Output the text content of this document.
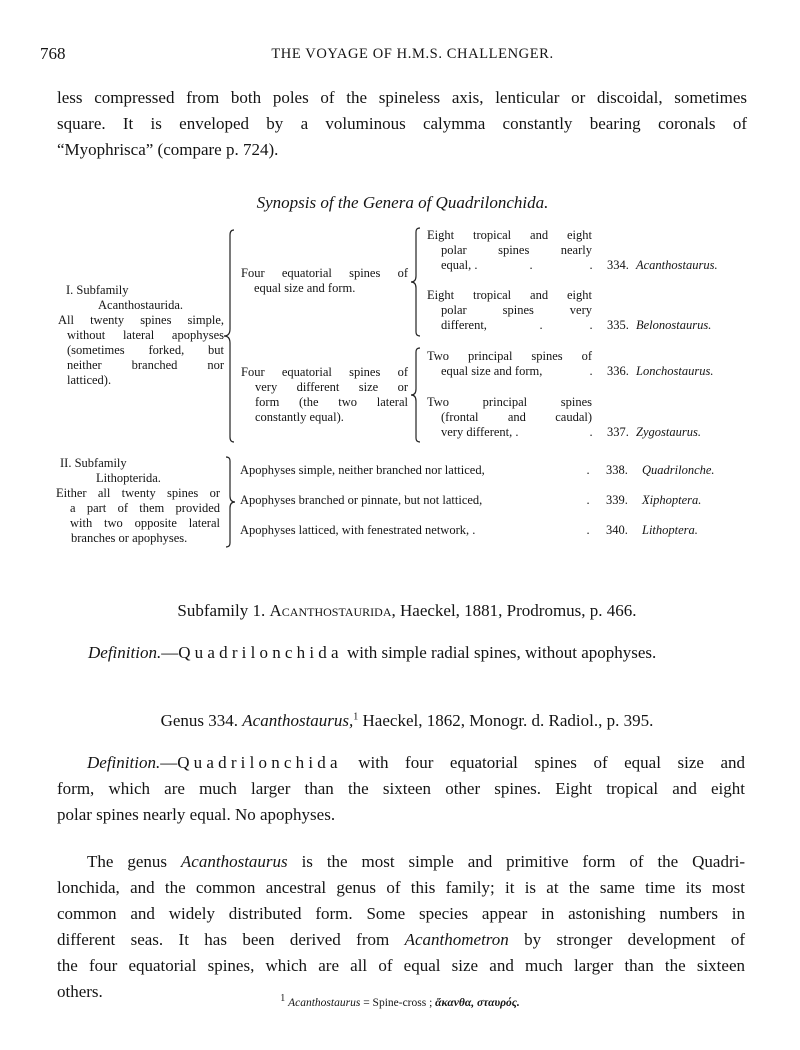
768	THE VOYAGE OF H.M.S. CHALLENGER.
less compressed from both poles of the spineless axis, lenticular or discoidal, sometimes
square. It is enveloped by a voluminous calymma constantly bearing coronals of
“Myophrisca” (compare p. 724).
Synopsis of the Genera of Quadrilonchida.
I. Subfamily
Acanthostaurida.
All twenty spines simple,
without lateral apophyses
(sometimes forked, but
neither branched nor
latticed).
Four equatorial spines of
equal size and form.
Eight tropical and eight
polar spines nearly
equal, .	.	.	334. Acanthostaurus.
Eight tropical and eight
polar spines very
different,	.	.	335. Belonostaurus.
Four equatorial spines of
very different size or
form (the two lateral
constantly equal).
Two principal spines of
equal size and form,	.	336. Lonchostaurus.
Two principal spines
(frontal and caudal)
very different, .	.	337. Zygostaurus.
II. Subfamily
Lithopterida.
Either all twenty spines or
a part of them provided
with two opposite lateral
branches or apophyses.
Apophyses simple, neither branched nor latticed,	.	338. Quadrilonche.
Apophyses branched or pinnate, but not latticed,	.	339. Xiphoptera.
Apophyses latticed, with fenestrated network, .	.	340. Lithoptera.
Subfamily 1. Acanthostaurida, Haeckel, 1881, Prodromus, p. 466.
Definition.—Quadrilonchida with simple radial spines, without apophyses.
Genus 334. Acanthostaurus,$^1$ Haeckel, 1862, Monogr. d. Radiol., p. 395.
Definition.—Quadrilonchida with four equatorial spines of equal size and
form, which are much larger than the sixteen other spines. Eight tropical and eight
polar spines nearly equal. No apophyses.
The genus Acanthostaurus is the most simple and primitive form of the Quadri-
lonchida, and the common ancestral genus of this family; it is at the same time its most
common and widely distributed form. Some species appear in astonishing numbers in
different seas. It has been derived from Acanthometron by stronger development of
the four equatorial spines, which are all of equal size and much larger than the sixteen
others.	$^1$ Acanthostaurus = Spine-cross ; ἄκανθα, σταυρός.
